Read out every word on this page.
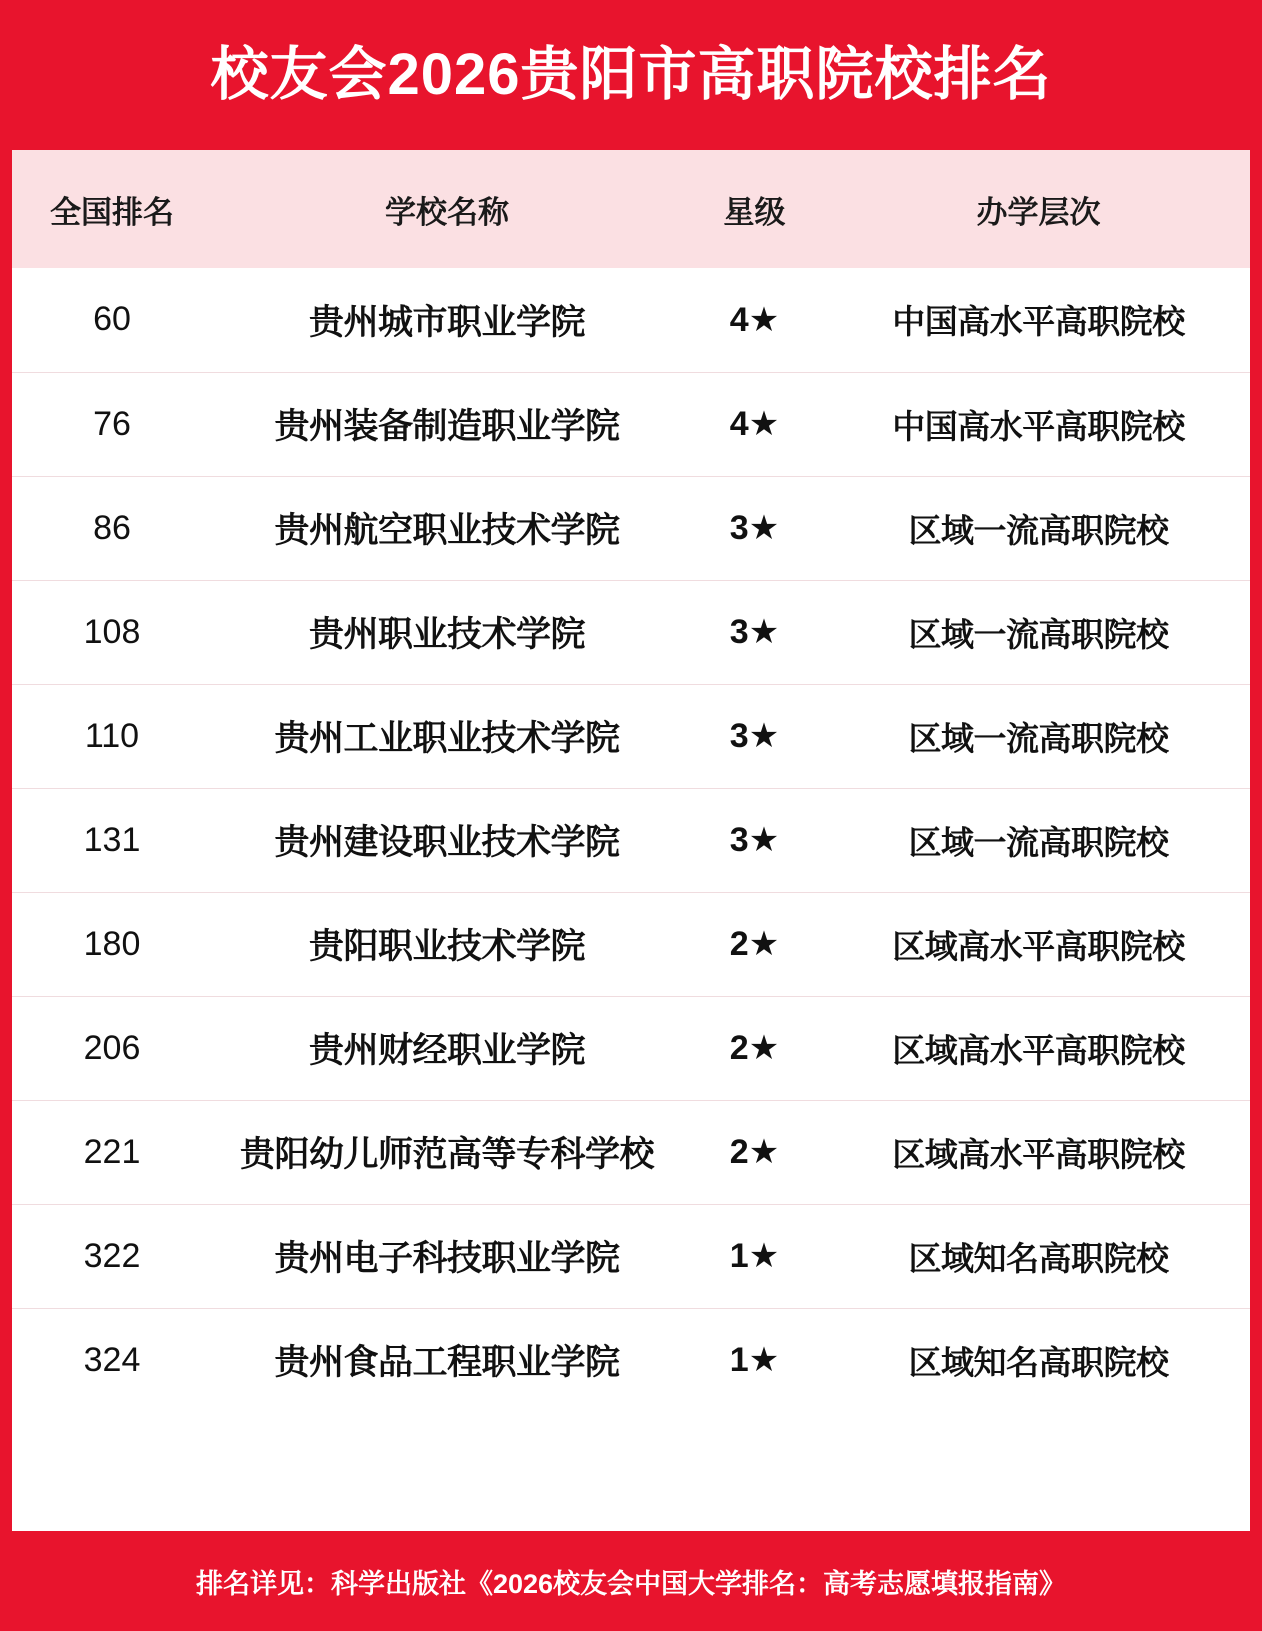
校友会2026贵阳市高职院校排名
全国排名	学校名称	星级	办学层次
60	贵州城市职业学院	4★	中国高水平高职院校
76	贵州装备制造职业学院	4★	中国高水平高职院校
86	贵州航空职业技术学院	3★	区域一流高职院校
108	贵州职业技术学院	3★	区域一流高职院校
110	贵州工业职业技术学院	3★	区域一流高职院校
131	贵州建设职业技术学院	3★	区域一流高职院校
180	贵阳职业技术学院	2★	区域高水平高职院校
206	贵州财经职业学院	2★	区域高水平高职院校
221	贵阳幼儿师范高等专科学校	2★	区域高水平高职院校
322	贵州电子科技职业学院	1★	区域知名高职院校
324	贵州食品工程职业学院	1★	区域知名高职院校
排名详见：科学出版社《2026校友会中国大学排名：高考志愿填报指南》
